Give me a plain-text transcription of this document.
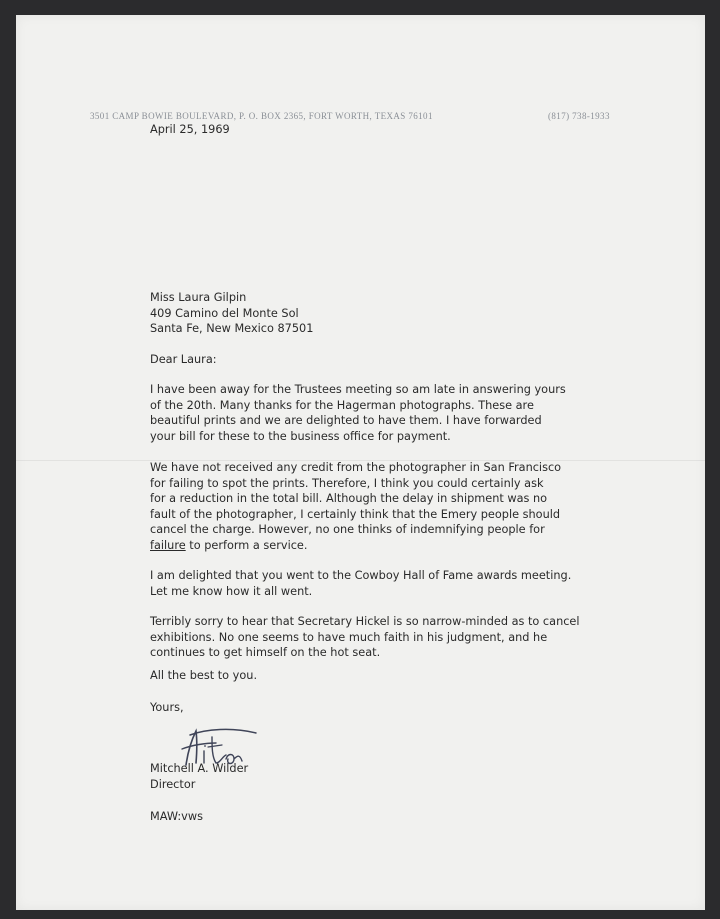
3501 CAMP BOWIE BOULEVARD, P. O. BOX 2365, FORT WORTH, TEXAS 76101	(817) 738-1933
April 25, 1969
Miss Laura Gilpin
409 Camino del Monte Sol
Santa Fe, New Mexico 87501
Dear Laura:
I have been away for the Trustees meeting so am late in answering yours
of the 20th. Many thanks for the Hagerman photographs. These are
beautiful prints and we are delighted to have them. I have forwarded
your bill for these to the business office for payment.
We have not received any credit from the photographer in San Francisco
for failing to spot the prints. Therefore, I think you could certainly ask
for a reduction in the total bill. Although the delay in shipment was no
fault of the photographer, I certainly think that the Emery people should
cancel the charge. However, no one thinks of indemnifying people for
failure to perform a service.
I am delighted that you went to the Cowboy Hall of Fame awards meeting.
Let me know how it all went.
Terribly sorry to hear that Secretary Hickel is so narrow-minded as to cancel
exhibitions. No one seems to have much faith in his judgment, and he
continues to get himself on the hot seat.
All the best to you.
Yours,
Mitchell A. Wilder
Director
MAW:vws
